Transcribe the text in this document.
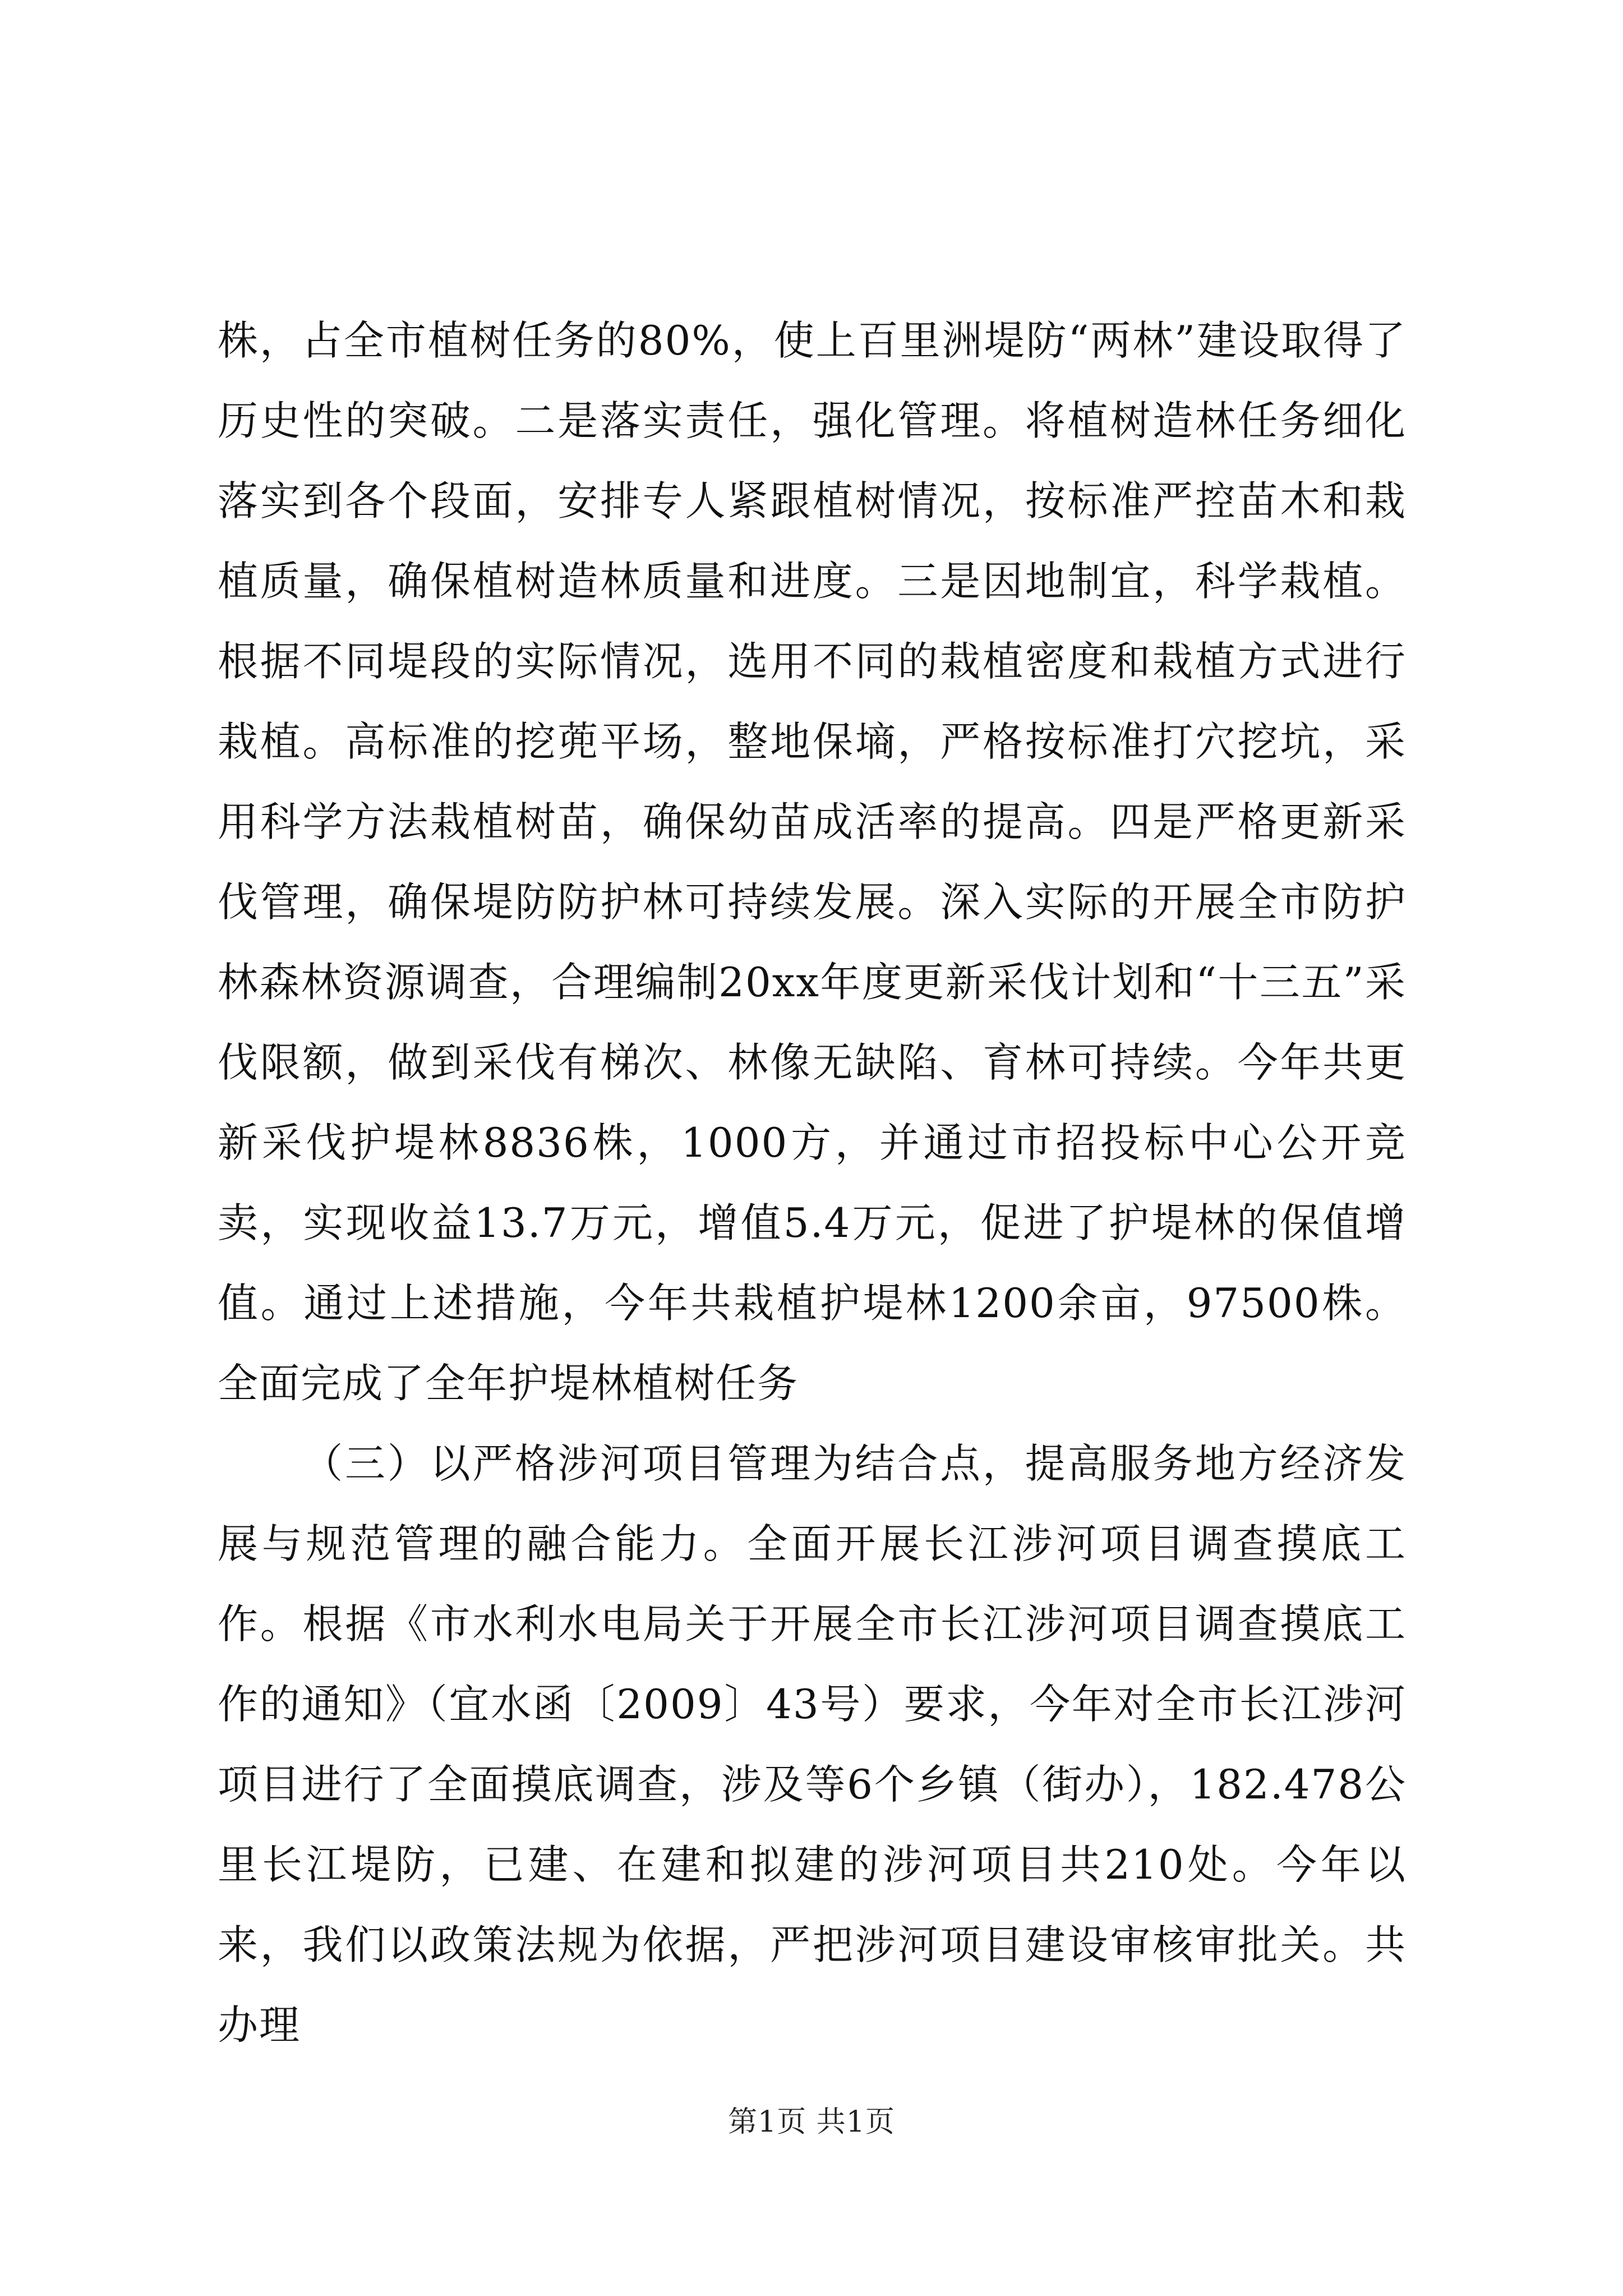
株，占全市植树任务的80%，使上百里洲堤防“两林”建设取得了历史性的突破。二是落实责任，强化管理。将植树造林任务细化落实到各个段面，安排专人紧跟植树情况，按标准严控苗木和栽植质量，确保植树造林质量和进度。三是因地制宜，科学栽植。根据不同堤段的实际情况，选用不同的栽植密度和栽植方式进行栽植。高标准的挖蔸平场，整地保墒，严格按标准打穴挖坑，采用科学方法栽植树苗，确保幼苗成活率的提高。四是严格更新采伐管理，确保堤防防护林可持续发展。深入实际的开展全市防护林森林资源调查，合理编制20xx年度更新采伐计划和“十三五”采伐限额，做到采伐有梯次、林像无缺陷、育林可持续。今年共更新采伐护堤林8836株，1000方，并通过市招投标中心公开竞卖，实现收益13.7万元，增值5.4万元，促进了护堤林的保值增值。通过上述措施，今年共栽植护堤林1200余亩，97500株。全面完成了全年护堤林植树任务

（三）以严格涉河项目管理为结合点，提高服务地方经济发展与规范管理的融合能力。全面开展长江涉河项目调查摸底工作。根据《市水利水电局关于开展全市长江涉河项目调查摸底工作的通知》（宜水函〔2009〕43号）要求，今年对全市长江涉河项目进行了全面摸底调查，涉及等6个乡镇（街办），182.478公里长江堤防，已建、在建和拟建的涉河项目共210处。今年以来，我们以政策法规为依据，严把涉河项目建设审核审批关。共办理

第1页 共1页
